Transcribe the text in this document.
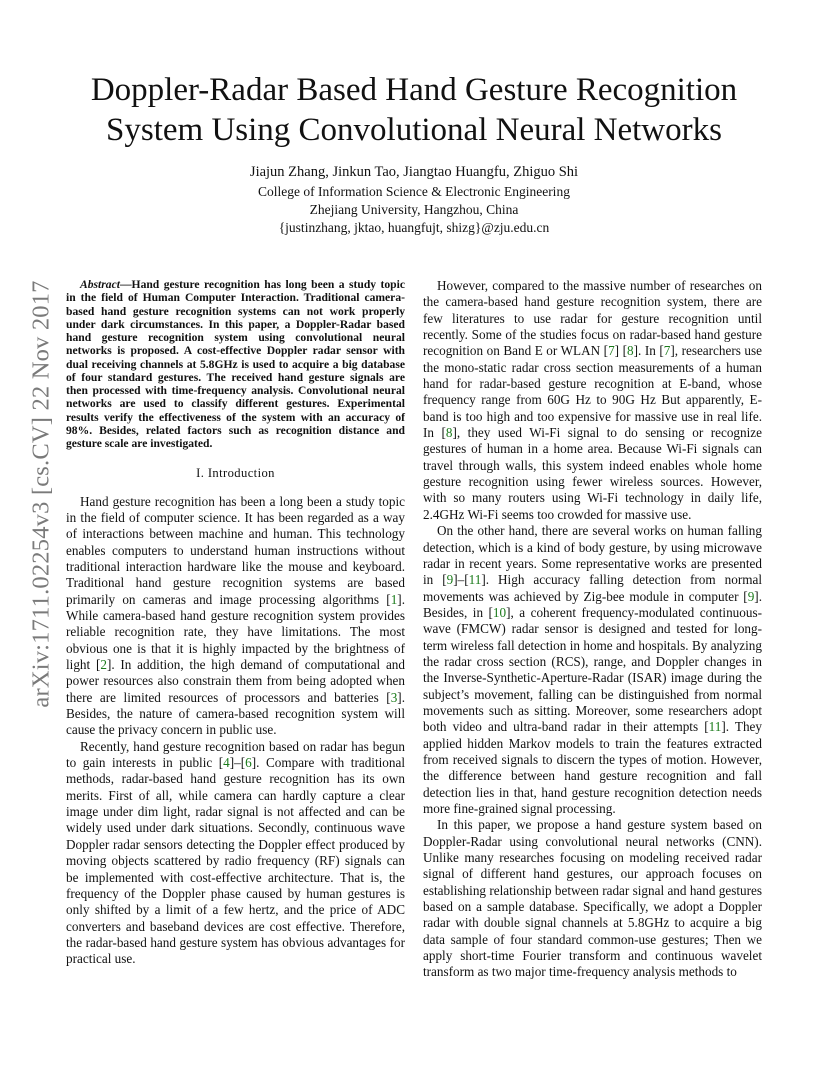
arXiv:1711.02254v3 [cs.CV] 22 Nov 2017
Doppler-Radar Based Hand Gesture Recognition
System Using Convolutional Neural Networks
Jiajun Zhang, Jinkun Tao, Jiangtao Huangfu, Zhiguo Shi
College of Information Science & Electronic Engineering
Zhejiang University, Hangzhou, China
{justinzhang, jktao, huangfujt, shizg}@zju.edu.cn

Abstract—Hand gesture recognition has long been a study topic in the field of Human Computer Interaction. Traditional camera-based hand gesture recognition systems can not work properly under dark circumstances. In this paper, a Doppler-Radar based hand gesture recognition system using convolutional neural networks is proposed. A cost-effective Doppler radar sensor with dual receiving channels at 5.8GHz is used to acquire a big database of four standard gestures. The received hand gesture signals are then processed with time-frequency analysis. Convolutional neural networks are used to classify different gestures. Experimental results verify the effectiveness of the system with an accuracy of 98%. Besides, related factors such as recognition distance and gesture scale are investigated.

I. Introduction

Hand gesture recognition has been a long been a study topic in the field of computer science. It has been regarded as a way of interactions between machine and human. This technology enables computers to understand human instructions without traditional interaction hardware like the mouse and keyboard. Traditional hand gesture recognition systems are based primarily on cameras and image processing algorithms [1]. While camera-based hand gesture recognition system provides reliable recognition rate, they have limitations. The most obvious one is that it is highly impacted by the brightness of light [2]. In addition, the high demand of computational and power resources also constrain them from being adopted when there are limited resources of processors and batteries [3]. Besides, the nature of camera-based recognition system will cause the privacy concern in public use.

Recently, hand gesture recognition based on radar has begun to gain interests in public [4]–[6]. Compare with traditional methods, radar-based hand gesture recognition has its own merits. First of all, while camera can hardly capture a clear image under dim light, radar signal is not affected and can be widely used under dark situations. Secondly, continuous wave Doppler radar sensors detecting the Doppler effect produced by moving objects scattered by radio frequency (RF) signals can be implemented with cost-effective architecture. That is, the frequency of the Doppler phase caused by human gestures is only shifted by a limit of a few hertz, and the price of ADC converters and baseband devices are cost effective. Therefore, the radar-based hand gesture system has obvious advantages for practical use.

However, compared to the massive number of researches on the camera-based hand gesture recognition system, there are few literatures to use radar for gesture recognition until recently. Some of the studies focus on radar-based hand gesture recognition on Band E or WLAN [7] [8]. In [7], researchers use the mono-static radar cross section measurements of a human hand for radar-based gesture recognition at E-band, whose frequency range from 60G Hz to 90G Hz But apparently, E-band is too high and too expensive for massive use in real life. In [8], they used Wi-Fi signal to do sensing or recognize gestures of human in a home area. Because Wi-Fi signals can travel through walls, this system indeed enables whole home gesture recognition using fewer wireless sources. However, with so many routers using Wi-Fi technology in daily life, 2.4GHz Wi-Fi seems too crowded for massive use.

On the other hand, there are several works on human falling detection, which is a kind of body gesture, by using microwave radar in recent years. Some representative works are presented in [9]–[11]. High accuracy falling detection from normal movements was achieved by Zig-bee module in computer [9]. Besides, in [10], a coherent frequency-modulated continuous-wave (FMCW) radar sensor is designed and tested for long-term wireless fall detection in home and hospitals. By analyzing the radar cross section (RCS), range, and Doppler changes in the Inverse-Synthetic-Aperture-Radar (ISAR) image during the subject’s movement, falling can be distinguished from normal movements such as sitting. Moreover, some researchers adopt both video and ultra-band radar in their attempts [11]. They applied hidden Markov models to train the features extracted from received signals to discern the types of motion. However, the difference between hand gesture recognition and fall detection lies in that, hand gesture recognition detection needs more fine-grained signal processing.

In this paper, we propose a hand gesture system based on Doppler-Radar using convolutional neural networks (CNN). Unlike many researches focusing on modeling received radar signal of different hand gestures, our approach focuses on establishing relationship between radar signal and hand gestures based on a sample database. Specifically, we adopt a Doppler radar with double signal channels at 5.8GHz to acquire a big data sample of four standard common-use gestures; Then we apply short-time Fourier transform and continuous wavelet transform as two major time-frequency analysis methods to
